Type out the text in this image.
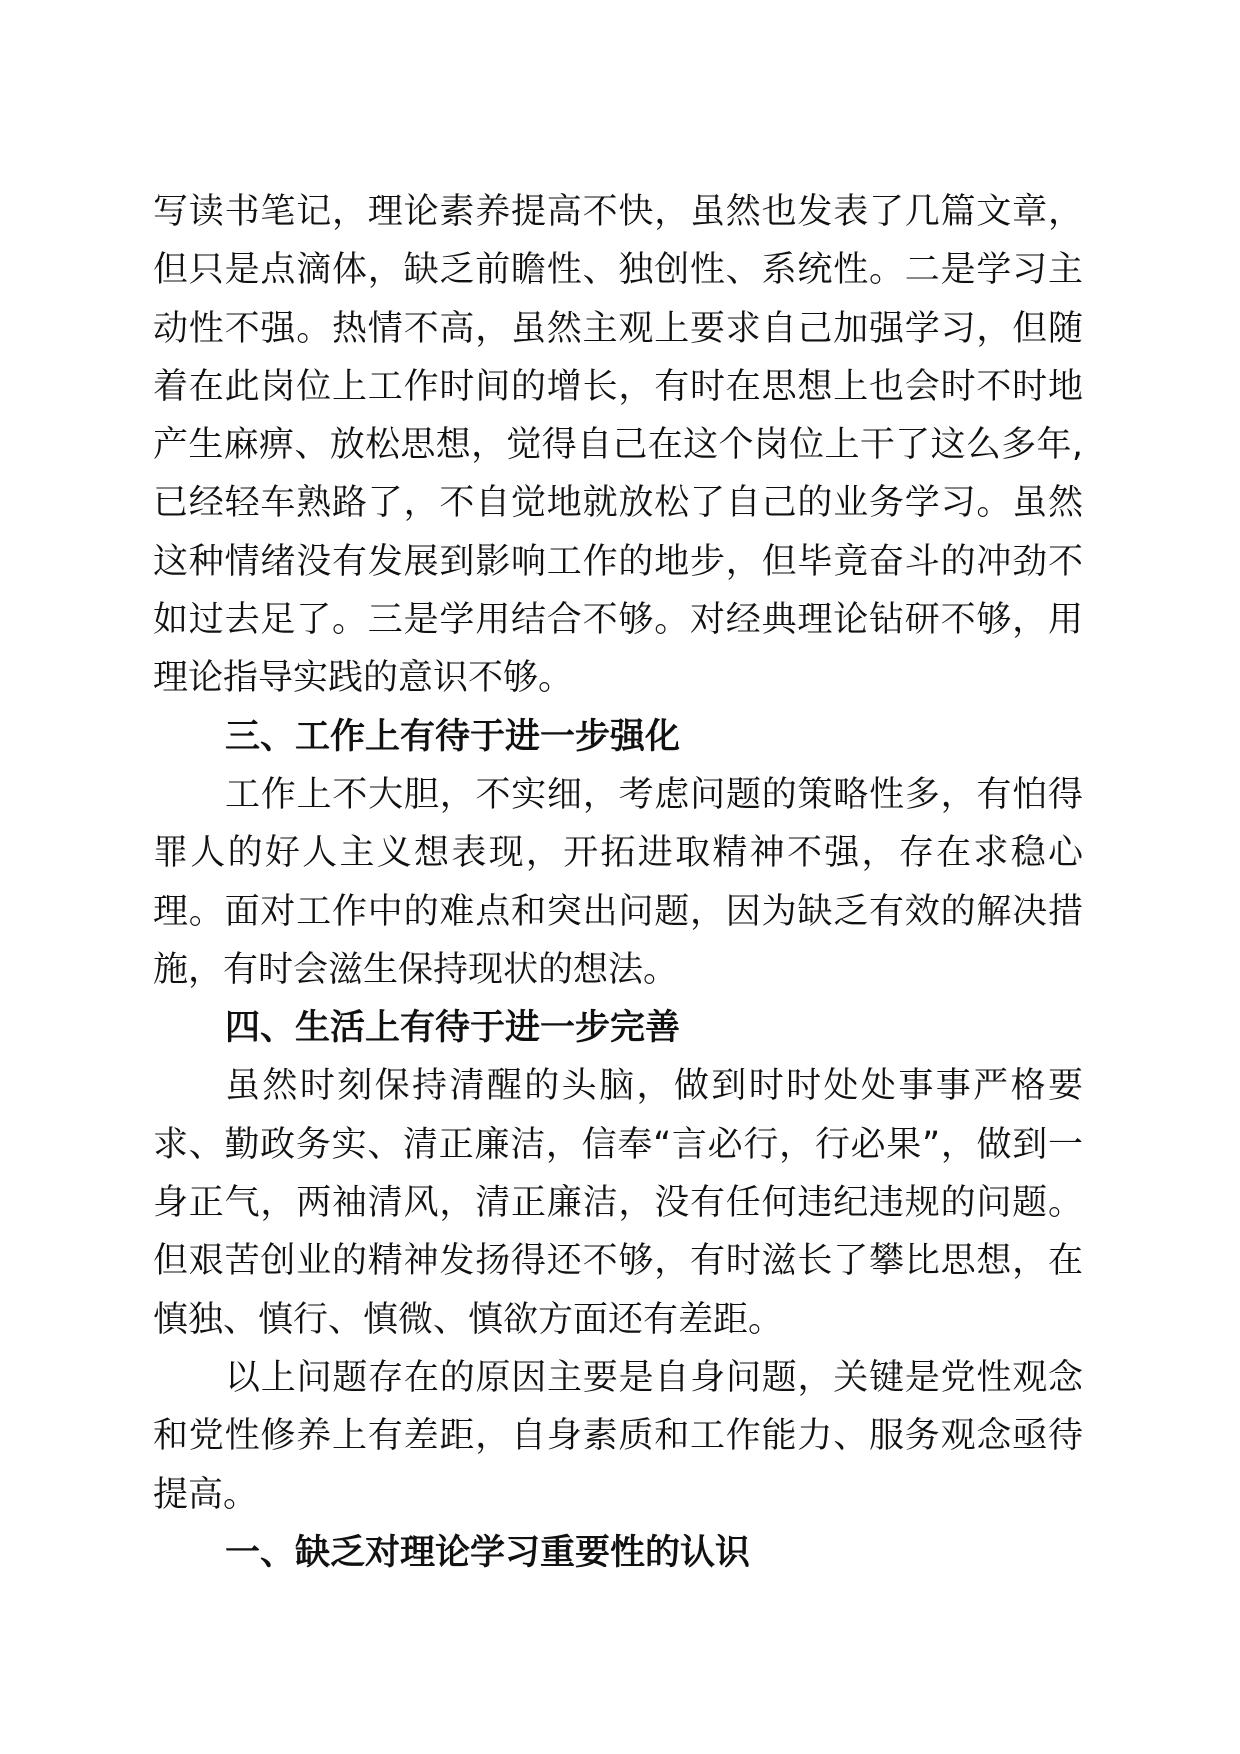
写读书笔记，理论素养提高不快，虽然也发表了几篇文章，但只是点滴体，缺乏前瞻性、独创性、系统性。二是学习主动性不强。热情不高，虽然主观上要求自己加强学习，但随着在此岗位上工作时间的增长，有时在思想上也会时不时地产生麻痹、放松思想，觉得自己在这个岗位上干了这么多年,已经轻车熟路了，不自觉地就放松了自己的业务学习。虽然这种情绪没有发展到影响工作的地步，但毕竟奋斗的冲劲不如过去足了。三是学用结合不够。对经典理论钻研不够，用理论指导实践的意识不够。

三、工作上有待于进一步强化

工作上不大胆，不实细，考虑问题的策略性多，有怕得罪人的好人主义想表现，开拓进取精神不强，存在求稳心理。面对工作中的难点和突出问题，因为缺乏有效的解决措施，有时会滋生保持现状的想法。

四、生活上有待于进一步完善

虽然时刻保持清醒的头脑，做到时时处处事事严格要求、勤政务实、清正廉洁，信奉“言必行，行必果”，做到一身正气，两袖清风，清正廉洁，没有任何违纪违规的问题。但艰苦创业的精神发扬得还不够，有时滋长了攀比思想，在慎独、慎行、慎微、慎欲方面还有差距。

以上问题存在的原因主要是自身问题，关键是党性观念和党性修养上有差距，自身素质和工作能力、服务观念亟待提高。

一、缺乏对理论学习重要性的认识
